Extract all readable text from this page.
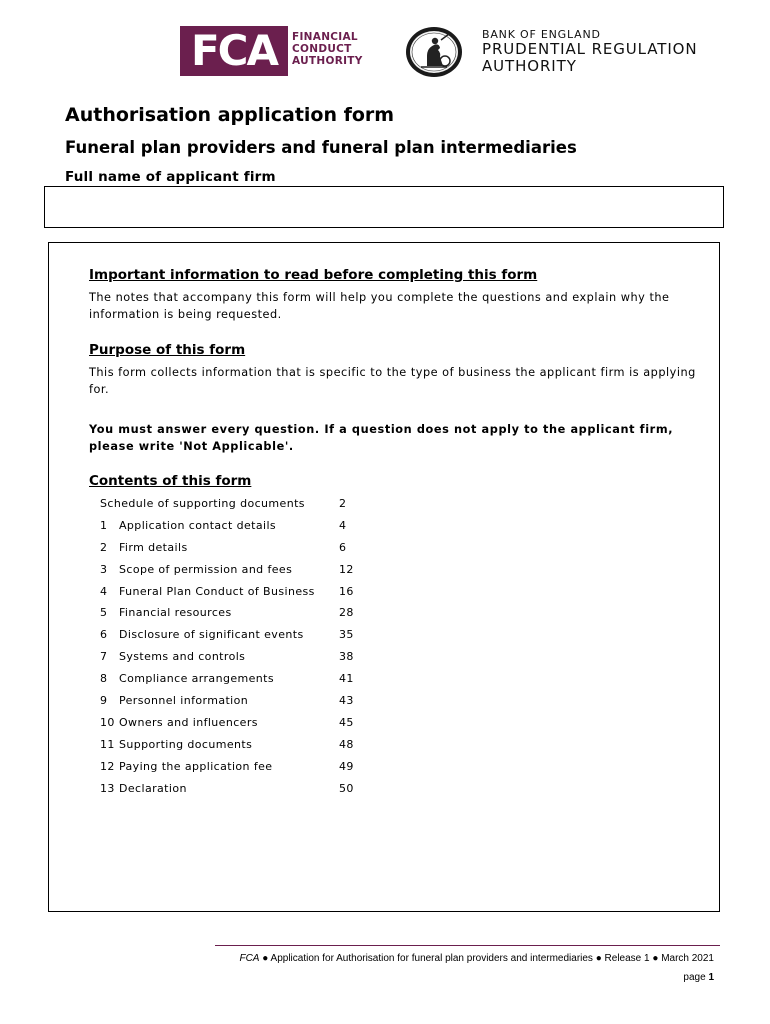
FCA	FINANCIAL
CONDUCT
AUTHORITY
BANK OF ENGLAND
PRUDENTIAL REGULATION
AUTHORITY
Authorisation application form
Funeral plan providers and funeral plan intermediaries
Full name of applicant firm
Important information to read before completing this form

The notes that accompany this form will help you complete the questions and explain why the information is being requested.

Purpose of this form

This form collects information that is specific to the type of business the applicant firm is applying for.

You must answer every question. If a question does not apply to the applicant firm, please write 'Not Applicable'.

Contents of this form
Schedule of supporting documents	2
1 Application contact details	4
2 Firm details	6
3 Scope of permission and fees	12
4 Funeral Plan Conduct of Business 16
5 Financial resources	28
6 Disclosure of significant events	35
7 Systems and controls	38
8 Compliance arrangements	41
9 Personnel information	43
10 Owners and influencers	45
11 Supporting documents	48
12 Paying the application fee	49
13 Declaration	50
FCA ● Application for Authorisation for funeral plan providers and intermediaries ● Release 1 ● March 2021
page 1
